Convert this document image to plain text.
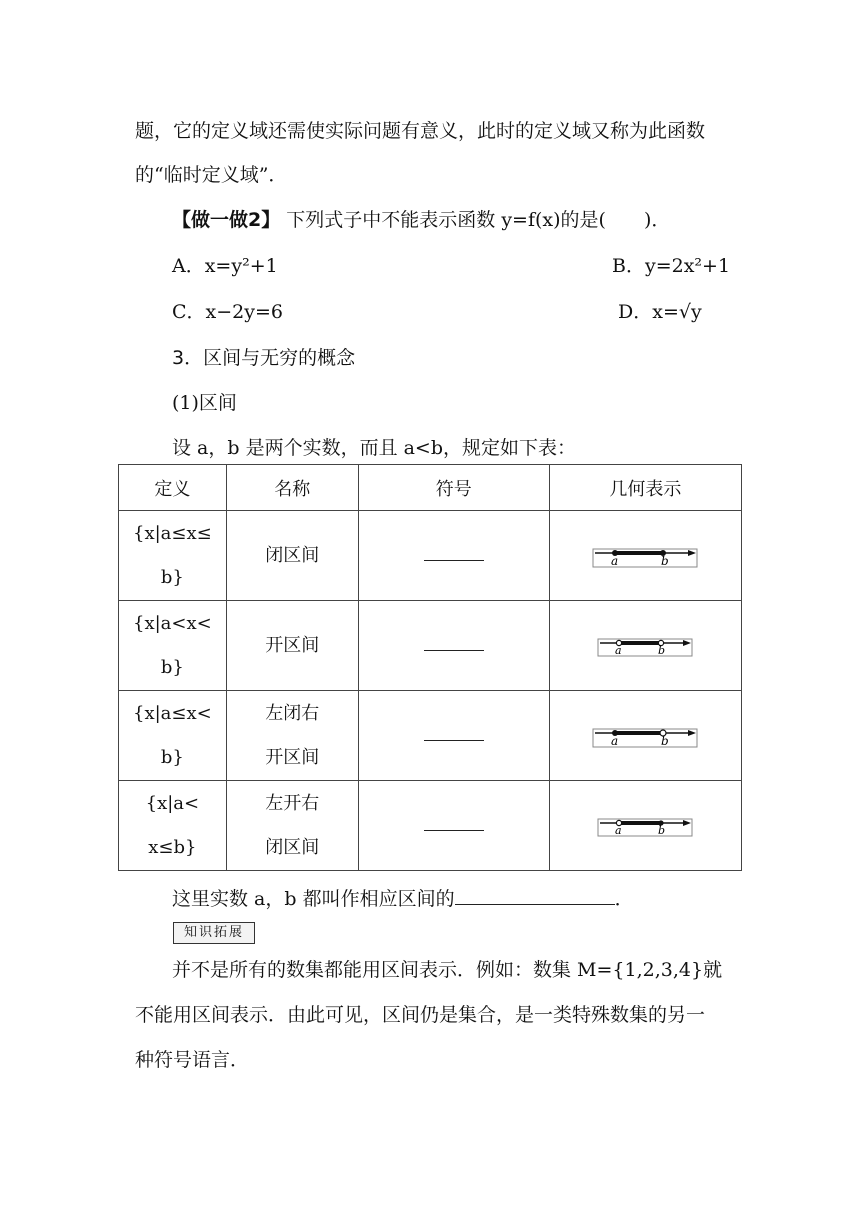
题，它的定义域还需使实际问题有意义，此时的定义域又称为此函数
的“临时定义域”．
【做一做2】 下列式子中不能表示函数 y=f(x)的是(　　)．
A．x=y²+1	B．y=2x²+1
C．x−2y=6	D．x=√y
3．区间与无穷的概念
(1)区间
设 a，b 是两个实数，而且 a<b，规定如下表：
定义	名称	符号	几何表示
{x|a≤x≤
b}	闭区间		a b

{x|a<x<
b}	开区间		a b

{x|a≤x<
b}	左闭右
开区间		a b

{x|a<
x≤b}	左开右
闭区间		a b
这里实数 a，b 都叫作相应区间的	．
知识拓展
并不是所有的数集都能用区间表示．例如：数集 M={1,2,3,4}就
不能用区间表示．由此可见，区间仍是集合，是一类特殊数集的另一
种符号语言．
